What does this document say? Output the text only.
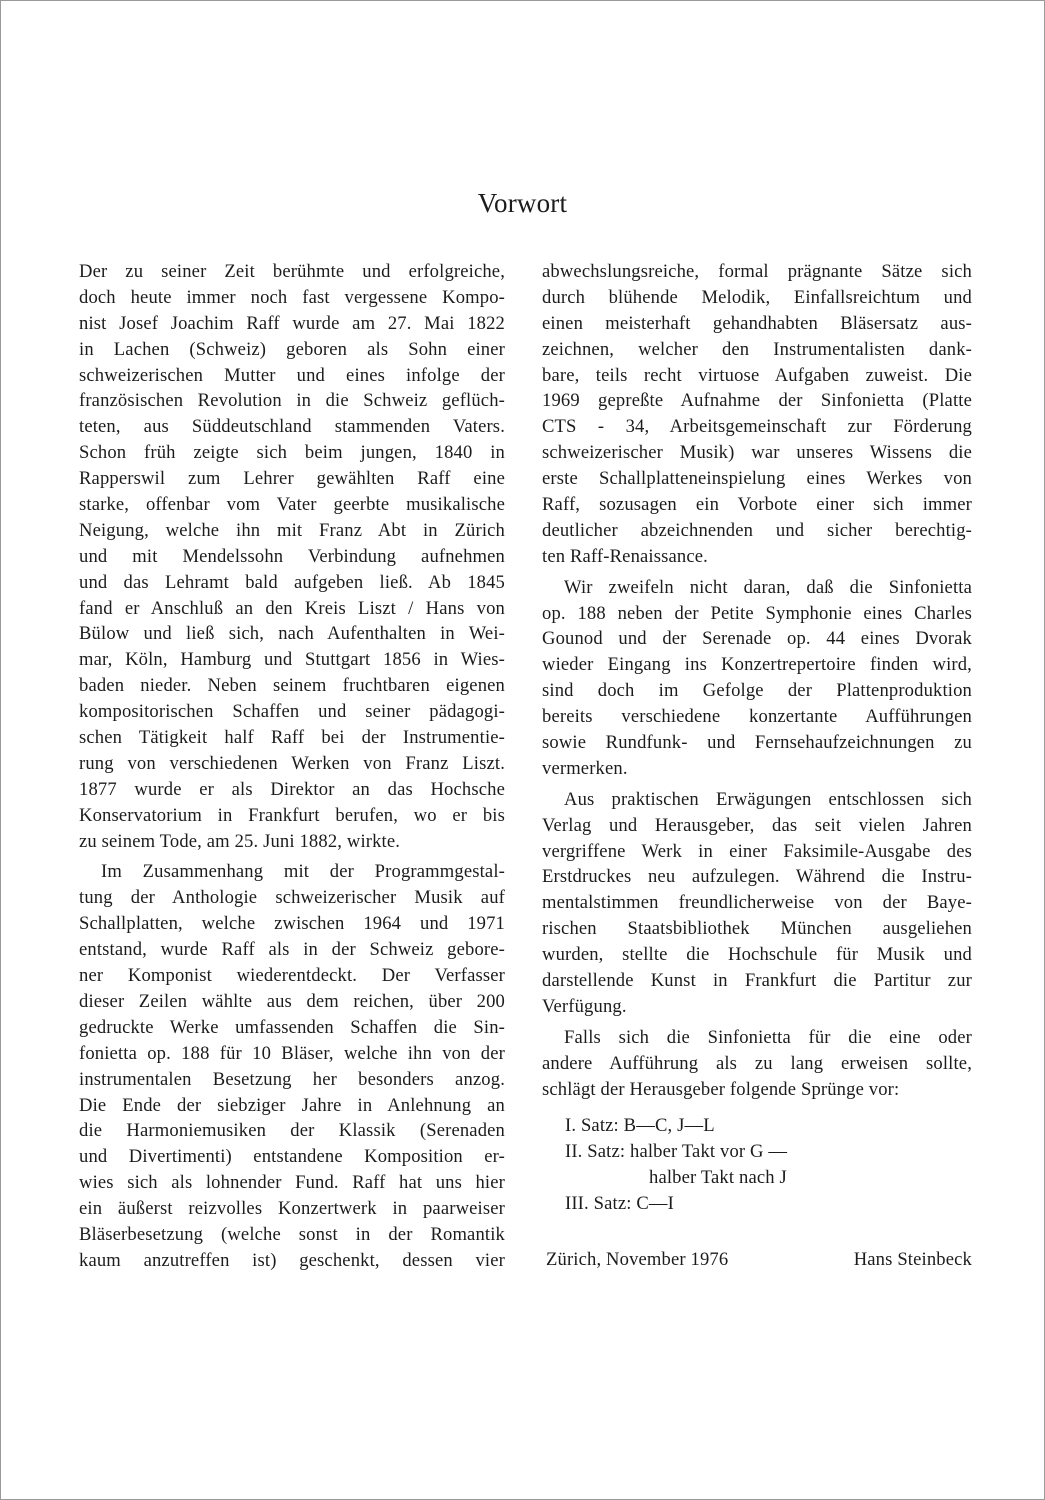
Vorwort
Der zu seiner Zeit berühmte und erfolgreiche,
doch heute immer noch fast vergessene Kompo-
nist Josef Joachim Raff wurde am 27. Mai 1822
in Lachen (Schweiz) geboren als Sohn einer
schweizerischen Mutter und eines infolge der
französischen Revolution in die Schweiz geflüch-
teten, aus Süddeutschland stammenden Vaters.
Schon früh zeigte sich beim jungen, 1840 in
Rapperswil zum Lehrer gewählten Raff eine
starke, offenbar vom Vater geerbte musikalische
Neigung, welche ihn mit Franz Abt in Zürich
und mit Mendelssohn Verbindung aufnehmen
und das Lehramt bald aufgeben ließ. Ab 1845
fand er Anschluß an den Kreis Liszt / Hans von
Bülow und ließ sich, nach Aufenthalten in Wei-
mar, Köln, Hamburg und Stuttgart 1856 in Wies-
baden nieder. Neben seinem fruchtbaren eigenen
kompositorischen Schaffen und seiner pädagogi-
schen Tätigkeit half Raff bei der Instrumentie-
rung von verschiedenen Werken von Franz Liszt.
1877 wurde er als Direktor an das Hochsche
Konservatorium in Frankfurt berufen, wo er bis
zu seinem Tode, am 25. Juni 1882, wirkte.
Im Zusammenhang mit der Programmgestal-
tung der Anthologie schweizerischer Musik auf
Schallplatten, welche zwischen 1964 und 1971
entstand, wurde Raff als in der Schweiz gebore-
ner Komponist wiederentdeckt. Der Verfasser
dieser Zeilen wählte aus dem reichen, über 200
gedruckte Werke umfassenden Schaffen die Sin-
fonietta op. 188 für 10 Bläser, welche ihn von der
instrumentalen Besetzung her besonders anzog.
Die Ende der siebziger Jahre in Anlehnung an
die Harmoniemusiken der Klassik (Serenaden
und Divertimenti) entstandene Komposition er-
wies sich als lohnender Fund. Raff hat uns hier
ein äußerst reizvolles Konzertwerk in paarweiser
Bläserbesetzung (welche sonst in der Romantik
kaum anzutreffen ist) geschenkt, dessen vier
abwechslungsreiche, formal prägnante Sätze sich
durch blühende Melodik, Einfallsreichtum und
einen meisterhaft gehandhabten Bläsersatz aus-
zeichnen, welcher den Instrumentalisten dank-
bare, teils recht virtuose Aufgaben zuweist. Die
1969 gepreßte Aufnahme der Sinfonietta (Platte
CTS - 34, Arbeitsgemeinschaft zur Förderung
schweizerischer Musik) war unseres Wissens die
erste Schallplatteneinspielung eines Werkes von
Raff, sozusagen ein Vorbote einer sich immer
deutlicher abzeichnenden und sicher berechtig-
ten Raff-Renaissance.
Wir zweifeln nicht daran, daß die Sinfonietta
op. 188 neben der Petite Symphonie eines Charles
Gounod und der Serenade op. 44 eines Dvorak
wieder Eingang ins Konzertrepertoire finden wird,
sind doch im Gefolge der Plattenproduktion
bereits verschiedene konzertante Aufführungen
sowie Rundfunk- und Fernsehaufzeichnungen zu
vermerken.
Aus praktischen Erwägungen entschlossen sich
Verlag und Herausgeber, das seit vielen Jahren
vergriffene Werk in einer Faksimile-Ausgabe des
Erstdruckes neu aufzulegen. Während die Instru-
mentalstimmen freundlicherweise von der Baye-
rischen Staatsbibliothek München ausgeliehen
wurden, stellte die Hochschule für Musik und
darstellende Kunst in Frankfurt die Partitur zur
Verfügung.
Falls sich die Sinfonietta für die eine oder
andere Aufführung als zu lang erweisen sollte,
schlägt der Herausgeber folgende Sprünge vor:
I. Satz: B—C, J—L
II. Satz: halber Takt vor G —
halber Takt nach J
III. Satz: C—I
Zürich, November 1976	Hans Steinbeck
